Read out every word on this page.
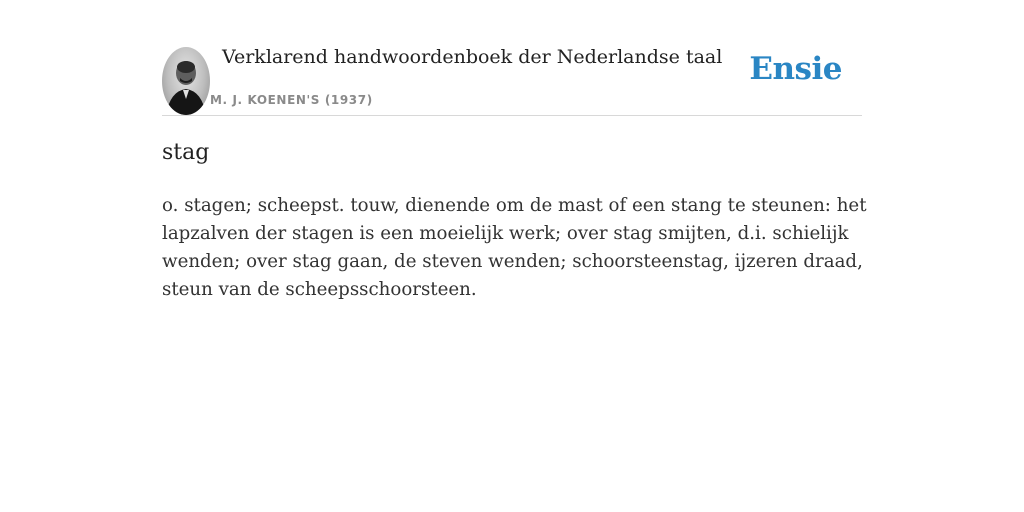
Verklarend handwoordenboek der Nederlandse taal
M. J. KOENEN'S (1937)
Ensie
stag

o. stagen; scheepst. touw, dienende om de mast of een stang te steunen: het lapzalven der stagen is een moeielijk werk; over stag smijten, d.i. schielijk wenden; over stag gaan, de steven wenden; schoorsteenstag, ijzeren draad, steun van de scheepsschoorsteen.
